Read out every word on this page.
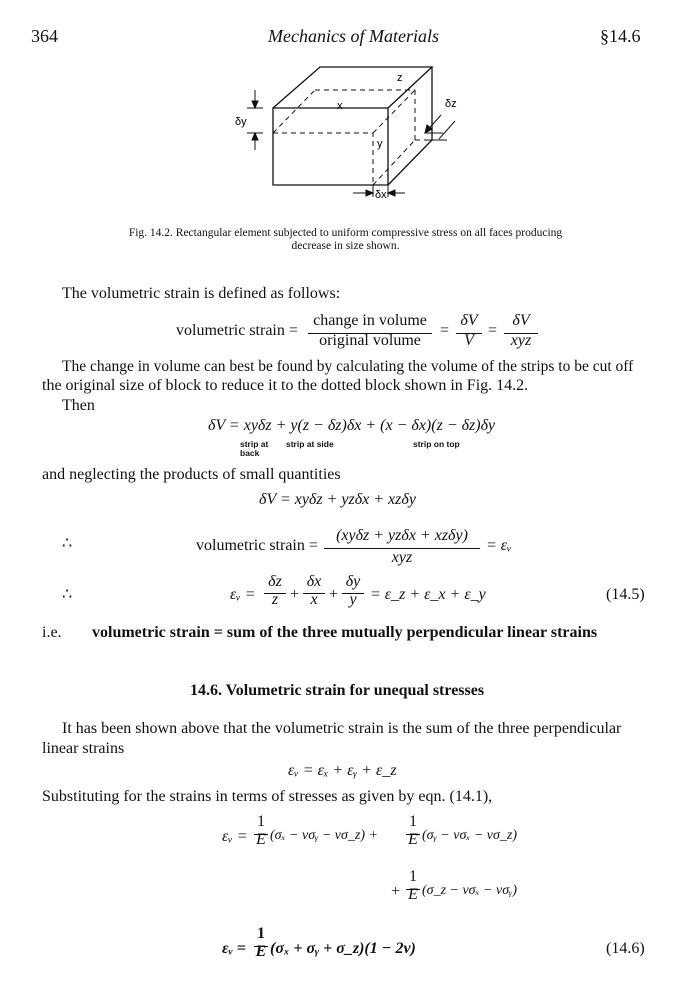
364	Mechanics of Materials	§14.6
z
x
y
δz
δy
δx
Fig. 14.2. Rectangular element subjected to uniform compressive stress on all faces producing
decrease in size shown.
The volumetric strain is defined as follows:
volumetric strain =
change in volume
original volume
=
δV
V
=
δV
xyz
The change in volume can best be found by calculating the volume of the strips to be cut off
the original size of block to reduce it to the dotted block shown in Fig. 14.2.
Then
δV = xyδz + y(z − δz)δx + (x − δx)(z − δz)δy
strip at
back
strip at side	strip on top
and neglecting the products of small quantities
δV = xyδz + yzδx + xzδy
∴	volumetric strain =
(xyδz + yzδx + xzδy)
xyz
= εᵥ
∴	εᵥ =
δz
z +
δx
x +
δy
y = ε_z + ε_x + ε_y	(14.5)
i.e. volumetric strain = sum of the three mutually perpendicular linear strains
14.6. Volumetric strain for unequal stresses
It has been shown above that the volumetric strain is the sum of the three perpendicular
linear strains
εᵥ = εₓ + εᵧ + ε_z
Substituting for the strains in terms of stresses as given by eqn. (14.1),
εᵥ =
1
E (σₓ − νσᵧ − νσ_z) +
1
E (σᵧ − νσₓ − νσ_z)
+
1
E (σ_z − νσₓ − νσᵧ)
εᵥ =
1
E (σₓ + σᵧ + σ_z)(1 − 2ν)	(14.6)
